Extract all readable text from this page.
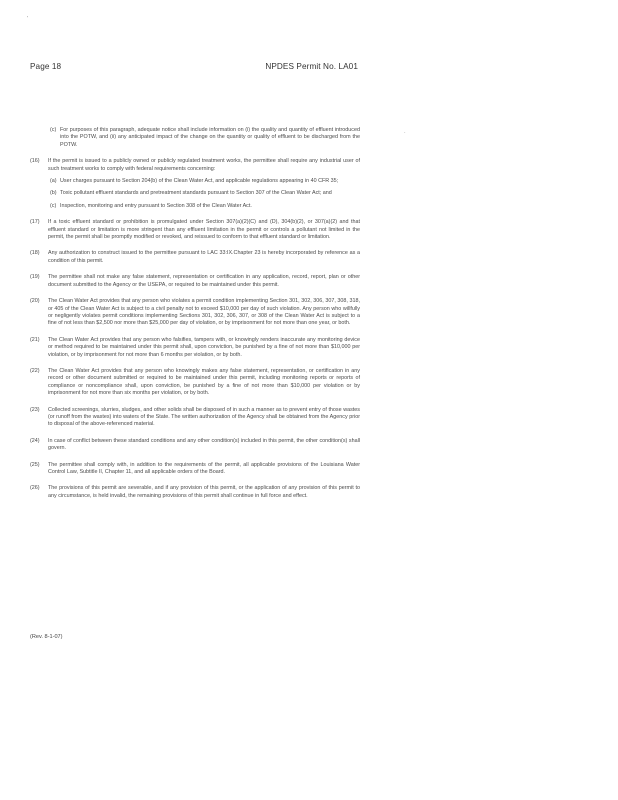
'
·
Page 18	NPDES Permit No. LA01
(c) For purposes of this paragraph, adequate notice shall include information on (i) the quality and quantity of effluent introduced into the POTW, and (ii) any anticipated impact of the change on the quantity or quality of effluent to be discharged from the POTW.
(16)	If the permit is issued to a publicly owned or publicly regulated treatment works, the permittee shall require any industrial user of such treatment works to comply with federal requirements concerning:
(a) User charges pursuant to Section 204(b) of the Clean Water Act, and applicable regulations appearing in 40 CFR 35;
(b) Toxic pollutant effluent standards and pretreatment standards pursuant to Section 307 of the Clean Water Act; and
(c) Inspection, monitoring and entry pursuant to Section 308 of the Clean Water Act.
(17)	If a toxic effluent standard or prohibition is promulgated under Section 307(a)(2)(C) and (D), 304(b)(2), or 307(a)(2) and that effluent standard or limitation is more stringent than any effluent limitation in the permit or controls a pollutant not limited in the permit, the permit shall be promptly modified or revoked, and reissued to conform to that effluent standard or limitation.
(18)	Any authorization to construct issued to the permittee pursuant to LAC 33:IX.Chapter 23 is hereby incorporated by reference as a condition of this permit.
(19)	The permittee shall not make any false statement, representation or certification in any application, record, report, plan or other document submitted to the Agency or the USEPA, or required to be maintained under this permit.
(20)	The Clean Water Act provides that any person who violates a permit condition implementing Section 301, 302, 306, 307, 308, 318, or 405 of the Clean Water Act is subject to a civil penalty not to exceed $10,000 per day of such violation. Any person who willfully or negligently violates permit conditions implementing Sections 301, 302, 306, 307, or 308 of the Clean Water Act is subject to a fine of not less than $2,500 nor more than $25,000 per day of violation, or by imprisonment for not more than one year, or both.
(21)	The Clean Water Act provides that any person who falsifies, tampers with, or knowingly renders inaccurate any monitoring device or method required to be maintained under this permit shall, upon conviction, be punished by a fine of not more than $10,000 per violation, or by imprisonment for not more than 6 months per violation, or by both.
(22)	The Clean Water Act provides that any person who knowingly makes any false statement, representation, or certification in any record or other document submitted or required to be maintained under this permit, including monitoring reports or reports of compliance or noncompliance shall, upon conviction, be punished by a fine of not more than $10,000 per violation or by imprisonment for not more than six months per violation, or by both.
(23)	Collected screenings, slurries, sludges, and other solids shall be disposed of in such a manner as to prevent entry of those wastes (or runoff from the wastes) into waters of the State. The written authorization of the Agency shall be obtained from the Agency prior to disposal of the above-referenced material.
(24)	In case of conflict between these standard conditions and any other condition(s) included in this permit, the other condition(s) shall govern.
(25)	The permittee shall comply with, in addition to the requirements of the permit, all applicable provisions of the Louisiana Water Control Law, Subtitle II, Chapter 11, and all applicable orders of the Board.
(26)	The provisions of this permit are severable, and if any provision of this permit, or the application of any provision of this permit to any circumstance, is held invalid, the remaining provisions of this permit shall continue in full force and effect.
(Rev. 8-1-07)
